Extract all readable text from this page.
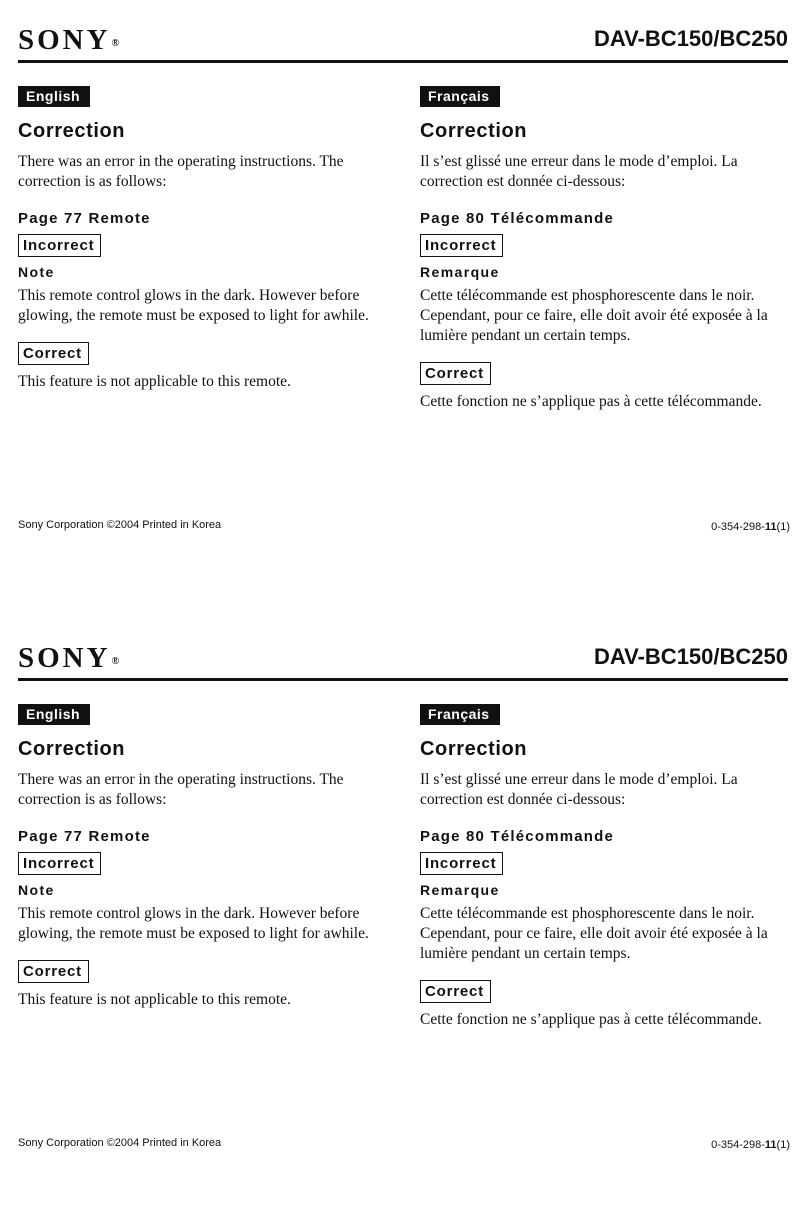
SONY®	DAV-BC150/BC250
English
Correction
There was an error in the operating instructions. The correction is as follows:
Page 77 Remote
Incorrect
Note
This remote control glows in the dark. However before glowing, the remote must be exposed to light for awhile.
Correct
This feature is not applicable to this remote.
Français
Correction
Il s’est glissé une erreur dans le mode d’emploi. La correction est donnée ci-dessous:
Page 80 Télécommande
Incorrect
Remarque
Cette télécommande est phosphorescente dans le noir. Cependant, pour ce faire, elle doit avoir été exposée à la lumière pendant un certain temps.
Correct
Cette fonction ne s’applique pas à cette télécommande.
Sony Corporation ©2004 Printed in Korea	0-354-298-11(1)
SONY®	DAV-BC150/BC250
English
Correction
There was an error in the operating instructions. The correction is as follows:
Page 77 Remote
Incorrect
Note
This remote control glows in the dark. However before glowing, the remote must be exposed to light for awhile.
Correct
This feature is not applicable to this remote.
Français
Correction
Il s’est glissé une erreur dans le mode d’emploi. La correction est donnée ci-dessous:
Page 80 Télécommande
Incorrect
Remarque
Cette télécommande est phosphorescente dans le noir. Cependant, pour ce faire, elle doit avoir été exposée à la lumière pendant un certain temps.
Correct
Cette fonction ne s’applique pas à cette télécommande.
Sony Corporation ©2004 Printed in Korea	0-354-298-11(1)
